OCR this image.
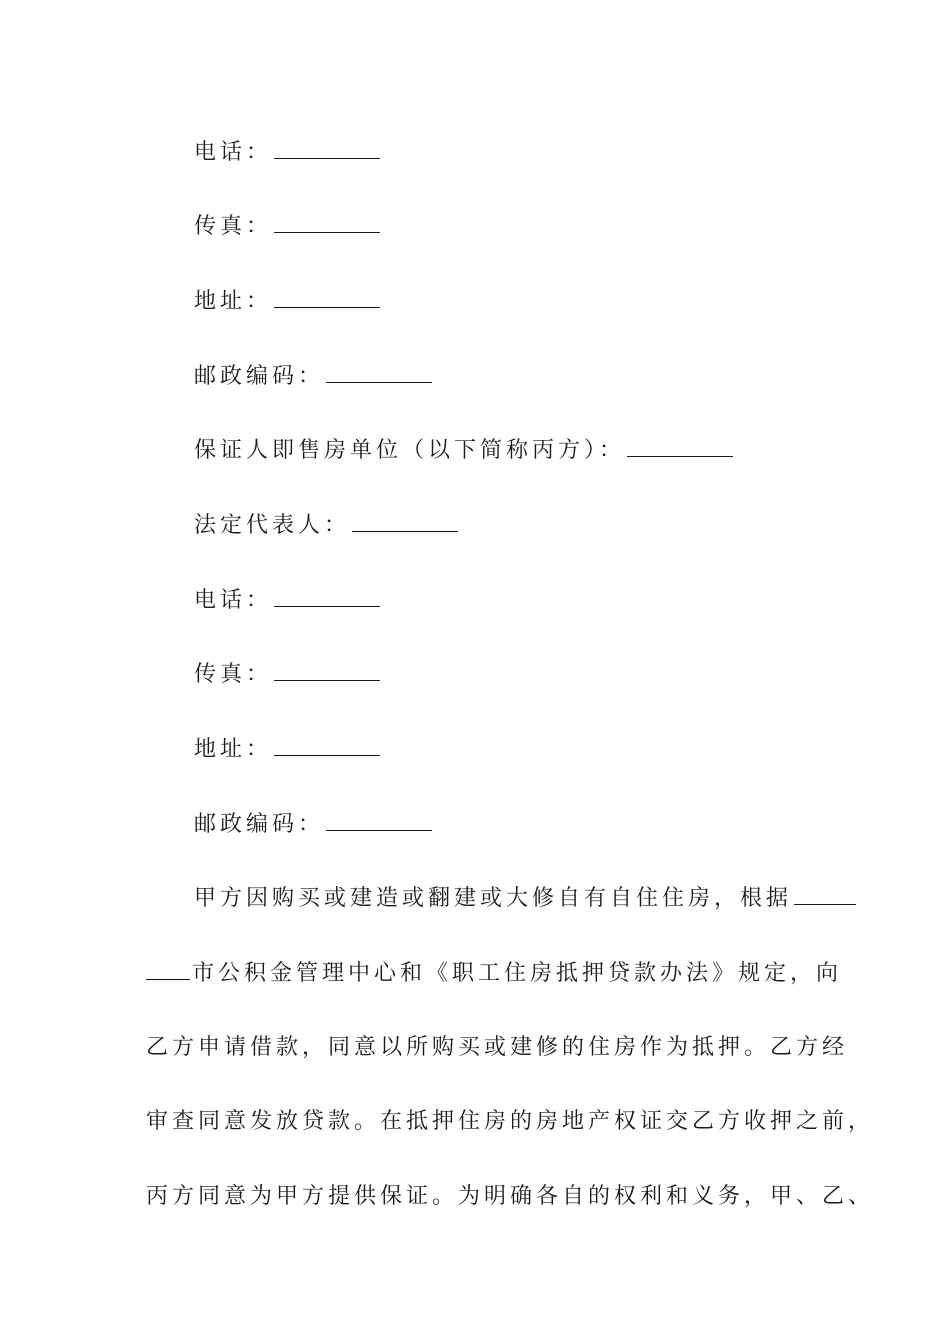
电话：
传真：
地址：
邮政编码：
保证人即售房单位（以下简称丙方）：
法定代表人：
电话：
传真：
地址：
邮政编码：
甲方因购买或建造或翻建或大修自有自住住房，根据
市公积金管理中心和《职工住房抵押贷款办法》规定，向
乙方申请借款，同意以所购买或建修的住房作为抵押。乙方经
审查同意发放贷款。在抵押住房的房地产权证交乙方收押之前，
丙方同意为甲方提供保证。为明确各自的权利和义务，甲、乙、
